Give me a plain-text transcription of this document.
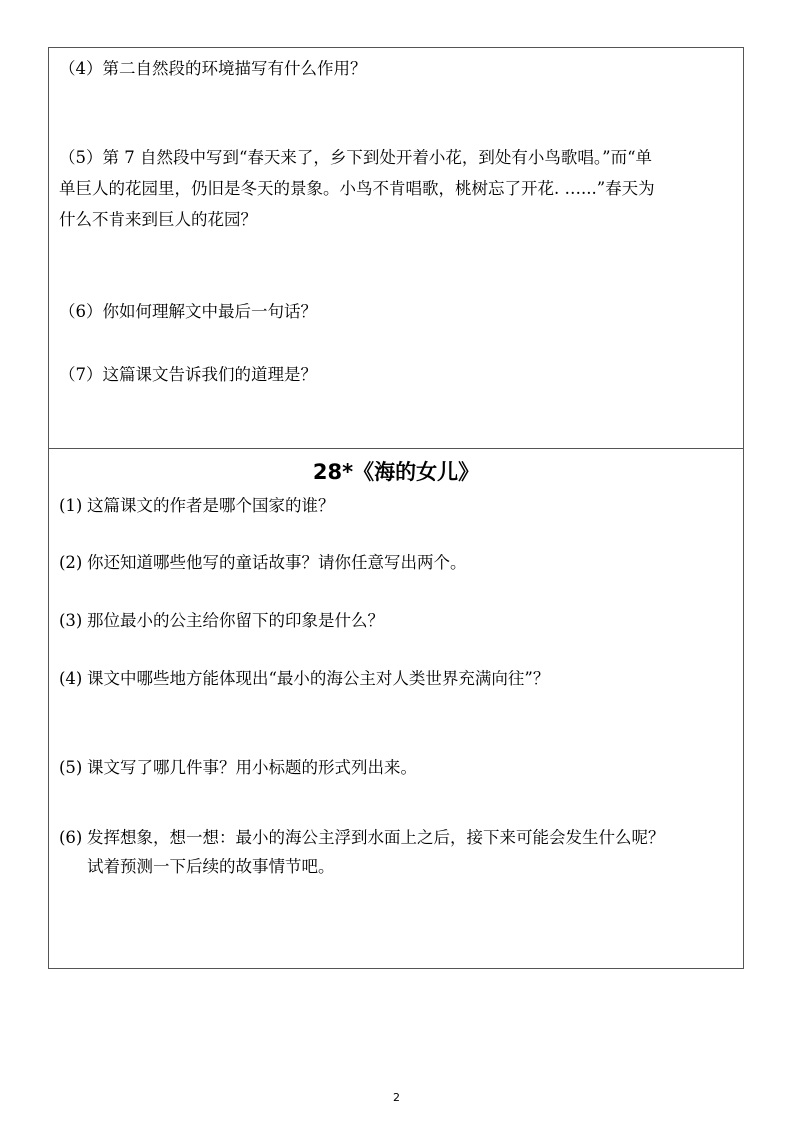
（4）第二自然段的环境描写有什么作用？

（5）第 7 自然段中写到“春天来了，乡下到处开着小花，到处有小鸟歌唱。”而“单

单巨人的花园里，仍旧是冬天的景象。小鸟不肯唱歌，桃树忘了开花. …...”春天为

什么不肯来到巨人的花园？

（6）你如何理解文中最后一句话？

（7）这篇课文告诉我们的道理是？

28*《海的女儿》

(1) 这篇课文的作者是哪个国家的谁？

(2) 你还知道哪些他写的童话故事？请你任意写出两个。

(3) 那位最小的公主给你留下的印象是什么？

(4) 课文中哪些地方能体现出“最小的海公主对人类世界充满向往”？

(5) 课文写了哪几件事？用小标题的形式列出来。

(6) 发挥想象，想一想：最小的海公主浮到水面上之后，接下来可能会发生什么呢？

试着预测一下后续的故事情节吧。

2
